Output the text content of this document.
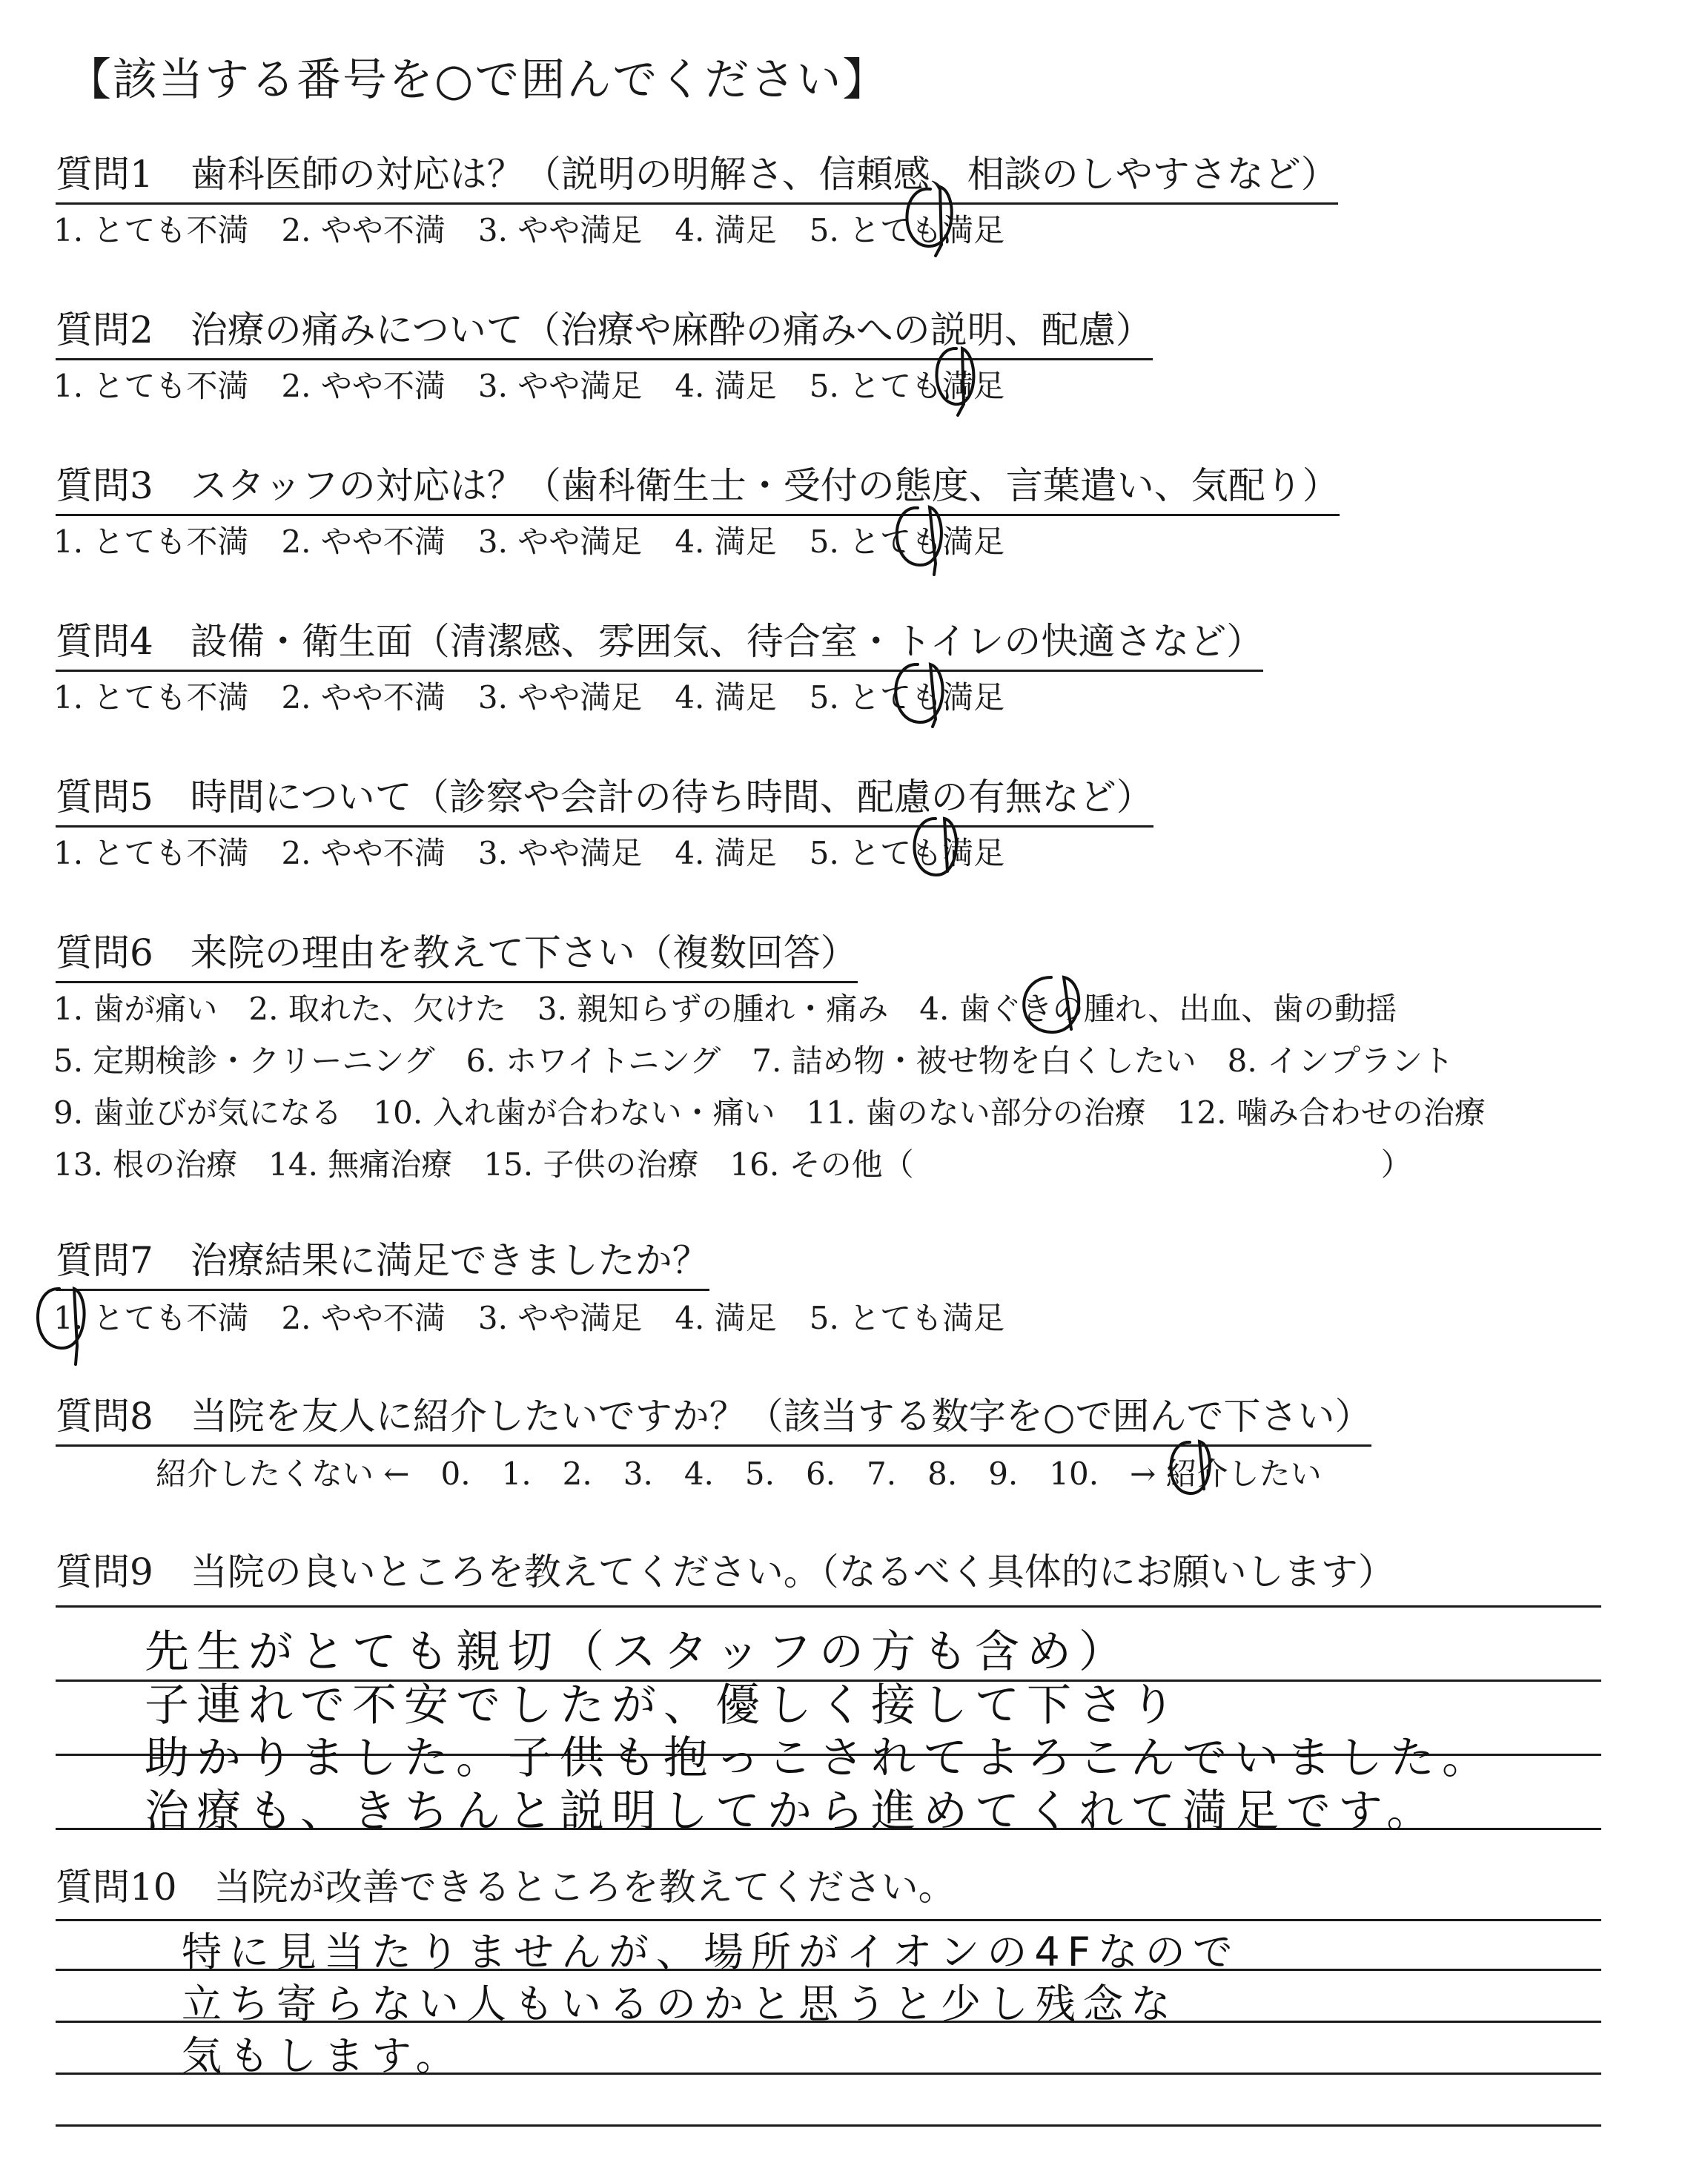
【該当する番号を○で囲んでください】
質問1　歯科医師の対応は？（説明の明解さ、信頼感、相談のしやすさなど）
1. とても不満 2. やや不満 3. やや満足 4. 満足 5. とても満足
質問2　治療の痛みについて（治療や麻酔の痛みへの説明、配慮）
1. とても不満 2. やや不満 3. やや満足 4. 満足 5. とても満足
質問3　スタッフの対応は？（歯科衛生士・受付の態度、言葉遣い、気配り）
1. とても不満 2. やや不満 3. やや満足 4. 満足 5. とても満足
質問4　設備・衛生面（清潔感、雰囲気、待合室・トイレの快適さなど）
1. とても不満 2. やや不満 3. やや満足 4. 満足 5. とても満足
質問5　時間について（診察や会計の待ち時間、配慮の有無など）
1. とても不満 2. やや不満 3. やや満足 4. 満足 5. とても満足
質問6　来院の理由を教えて下さい（複数回答）
1. 歯が痛い　2. 取れた、欠けた　3. 親知らずの腫れ・痛み　4. 歯ぐきの腫れ、出血、歯の動揺
5. 定期検診・クリーニング　6. ホワイトニング　7. 詰め物・被せ物を白くしたい　8. インプラント
9. 歯並びが気になる　10. 入れ歯が合わない・痛い　11. 歯のない部分の治療　12. 噛み合わせの治療
13. 根の治療　14. 無痛治療　15. 子供の治療　16. その他（　　　　　　　　　　　　　　　）
質問7　治療結果に満足できましたか？
1. とても不満 2. やや不満 3. やや満足 4. 満足 5. とても満足
質問8　当院を友人に紹介したいですか？（該当する数字を○で囲んで下さい）
紹介したくない ←　0.　1.　2.　3.　4.　5.　6.　7.　8.　9.　10.　→ 紹介したい
質問9　当院の良いところを教えてください。（なるべく具体的にお願いします）
先生がとても親切（スタッフの方も含め）
子連れで不安でしたが、優しく接して下さり
助かりました。子供も抱っこされてよろこんでいました。
治療も、きちんと説明してから進めてくれて満足です。
質問10　当院が改善できるところを教えてください。
特に見当たりませんが、場所がイオンの4Fなので
立ち寄らない人もいるのかと思うと少し残念な
気もします。
